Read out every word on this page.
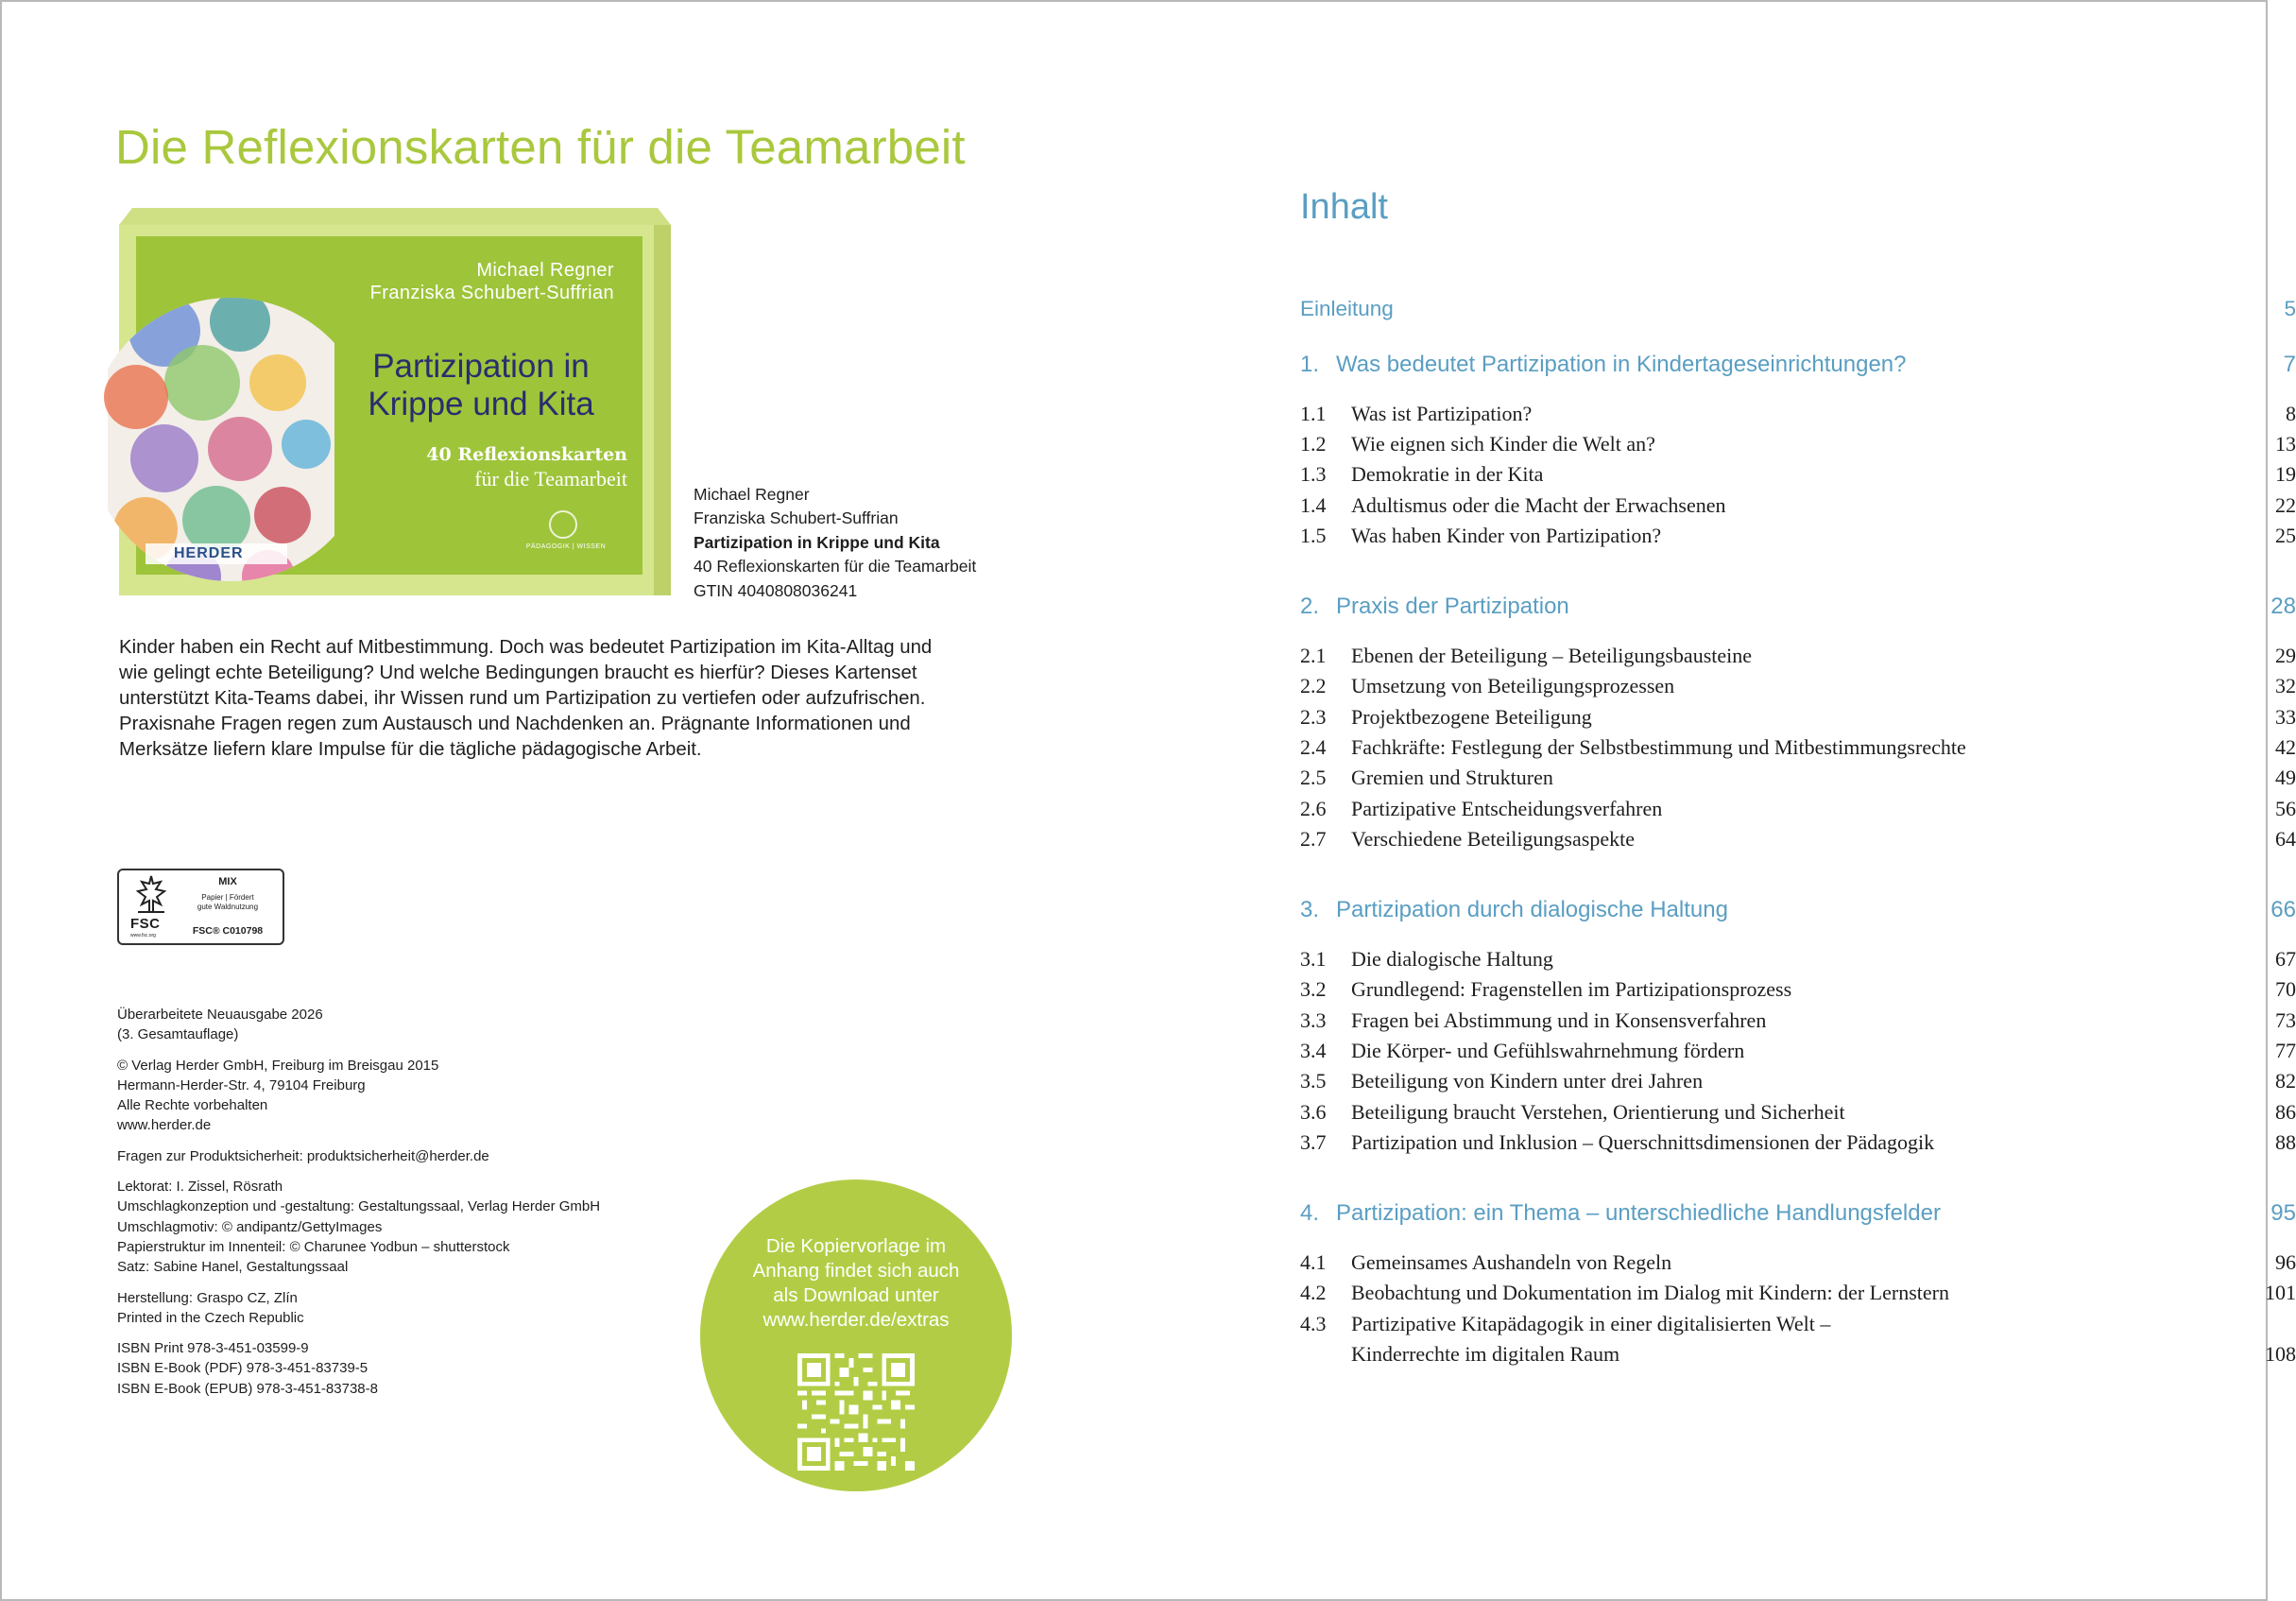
Die Reflexionskarten für die Teamarbeit
Michael Regner
Franziska Schubert-Suffrian
Partizipation in
Krippe und Kita
40 Reflexionskarten
für die Teamarbeit
HERDER	PÄDAGOGIK | WISSEN
Michael Regner
Franziska Schubert-Suffrian
Partizipation in Krippe und Kita
40 Reflexionskarten für die Teamarbeit
GTIN 4040808036241
Kinder haben ein Recht auf Mitbestimmung. Doch was bedeutet Partizipation im Kita-Alltag und
wie gelingt echte Beteiligung? Und welche Bedingungen braucht es hierfür? Dieses Kartenset
unterstützt Kita-Teams dabei, ihr Wissen rund um Partizipation zu vertiefen oder aufzufrischen.
Praxisnahe Fragen regen zum Austausch und Nachdenken an. Prägnante Informationen und
Merksätze liefern klare Impulse für die tägliche pädagogische Arbeit.
FSC
www.fsc.org
MIX
Papier | Fördert
gute Waldnutzung
FSC® C010798
Überarbeitete Neuausgabe 2026
(3. Gesamtauflage)
© Verlag Herder GmbH, Freiburg im Breisgau 2015
Hermann-Herder-Str. 4, 79104 Freiburg
Alle Rechte vorbehalten
www.herder.de
Fragen zur Produktsicherheit: produktsicherheit@herder.de
Lektorat: I. Zissel, Rösrath
Umschlagkonzeption und -gestaltung: Gestaltungssaal, Verlag Herder GmbH
Umschlagmotiv: © andipantz/GettyImages
Papierstruktur im Innenteil: © Charunee Yodbun – shutterstock
Satz: Sabine Hanel, Gestaltungssaal
Herstellung: Graspo CZ, Zlín
Printed in the Czech Republic
ISBN Print 978-3-451-03599-9
ISBN E-Book (PDF) 978-3-451-83739-5
ISBN E-Book (EPUB) 978-3-451-83738-8
Die Kopiervorlage im
Anhang findet sich auch
als Download unter
www.herder.de/extras
Inhalt
Einleitung	5
1. Was bedeutet Partizipation in Kindertageseinrichtungen?	7
1.1 Was ist Partizipation?	8
1.2 Wie eignen sich Kinder die Welt an?	13
1.3 Demokratie in der Kita	19
1.4 Adultismus oder die Macht der Erwachsenen	22
1.5 Was haben Kinder von Partizipation?	25
2. Praxis der Partizipation	28
2.1 Ebenen der Beteiligung – Beteiligungsbausteine	29
2.2 Umsetzung von Beteiligungsprozessen	32
2.3 Projektbezogene Beteiligung	33
2.4 Fachkräfte: Festlegung der Selbstbestimmung und Mitbestimmungsrechte	42
2.5 Gremien und Strukturen	49
2.6 Partizipative Entscheidungsverfahren	56
2.7 Verschiedene Beteiligungsaspekte	64
3. Partizipation durch dialogische Haltung	66
3.1 Die dialogische Haltung	67
3.2 Grundlegend: Fragenstellen im Partizipationsprozess	70
3.3 Fragen bei Abstimmung und in Konsensverfahren	73
3.4 Die Körper- und Gefühlswahrnehmung fördern	77
3.5 Beteiligung von Kindern unter drei Jahren	82
3.6 Beteiligung braucht Verstehen, Orientierung und Sicherheit	86
3.7 Partizipation und Inklusion – Querschnittsdimensionen der Pädagogik	88
4. Partizipation: ein Thema – unterschiedliche Handlungsfelder	95
4.1 Gemeinsames Aushandeln von Regeln	96
4.2 Beobachtung und Dokumentation im Dialog mit Kindern: der Lernstern	101
4.3 Partizipative Kitapädagogik in einer digitalisierten Welt –
Kinderrechte im digitalen Raum	108
